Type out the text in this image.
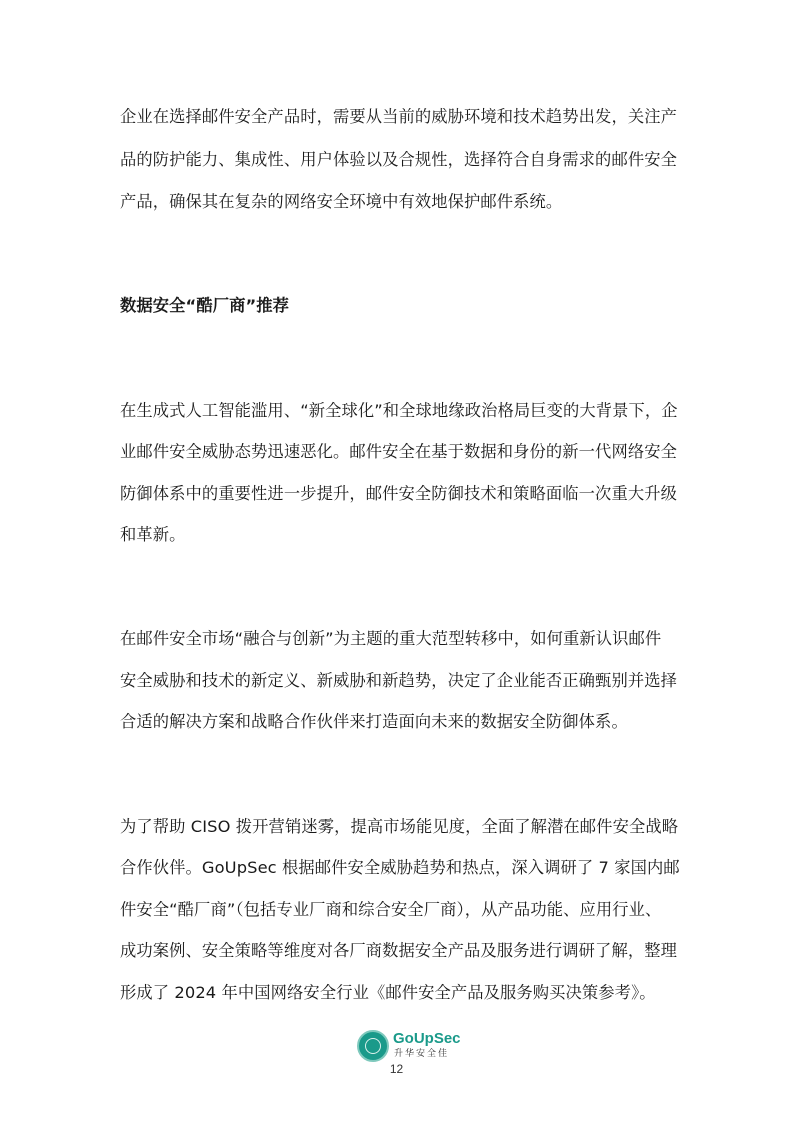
企业在选择邮件安全产品时，需要从当前的威胁环境和技术趋势出发，关注产
品的防护能力、集成性、用户体验以及合规性，选择符合自身需求的邮件安全
产品，确保其在复杂的网络安全环境中有效地保护邮件系统。
数据安全“酷厂商”推荐
在生成式人工智能滥用、“新全球化”和全球地缘政治格局巨变的大背景下，企
业邮件安全威胁态势迅速恶化。邮件安全在基于数据和身份的新一代网络安全
防御体系中的重要性进一步提升，邮件安全防御技术和策略面临一次重大升级
和革新。
在邮件安全市场“融合与创新”为主题的重大范型转移中，如何重新认识邮件
安全威胁和技术的新定义、新威胁和新趋势，决定了企业能否正确甄别并选择
合适的解决方案和战略合作伙伴来打造面向未来的数据安全防御体系。
为了帮助 CISO 拨开营销迷雾，提高市场能见度，全面了解潜在邮件安全战略
合作伙伴。GoUpSec 根据邮件安全威胁趋势和热点，深入调研了 7 家国内邮
件安全“酷厂商”（包括专业厂商和综合安全厂商），从产品功能、应用行业、
成功案例、安全策略等维度对各厂商数据安全产品及服务进行调研了解，整理
形成了 2024 年中国网络安全行业《邮件安全产品及服务购买决策参考》。
GoUpSec
升华安全佳
12
